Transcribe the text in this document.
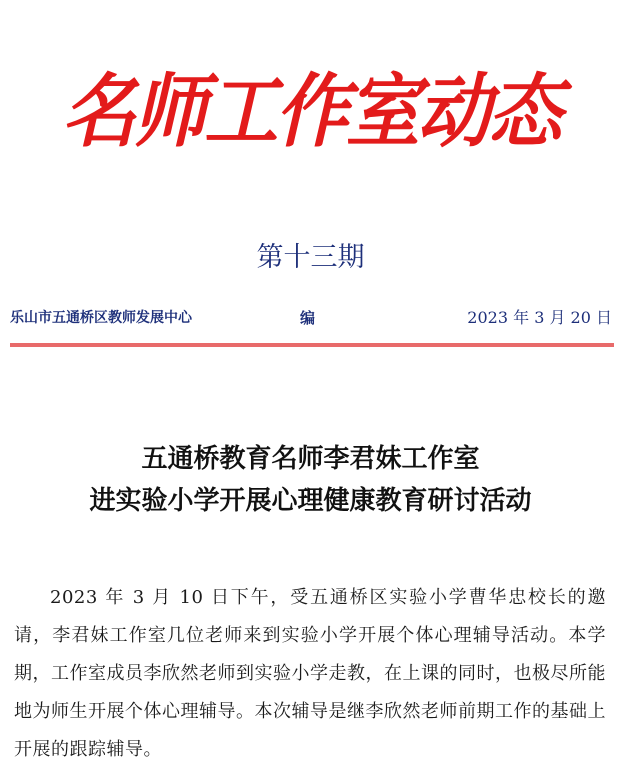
名师工作室动态
第十三期
乐山市五通桥区教师发展中心	编	2023 年 3 月 20 日
五通桥教育名师李君妹工作室
进实验小学开展心理健康教育研讨活动
2023 年 3 月 10 日下午，受五通桥区实验小学曹华忠校长的邀请，李君妹工作室几位老师来到实验小学开展个体心理辅导活动。本学期，工作室成员李欣然老师到实验小学走教，在上课的同时，也极尽所能地为师生开展个体心理辅导。本次辅导是继李欣然老师前期工作的基础上开展的跟踪辅导。
